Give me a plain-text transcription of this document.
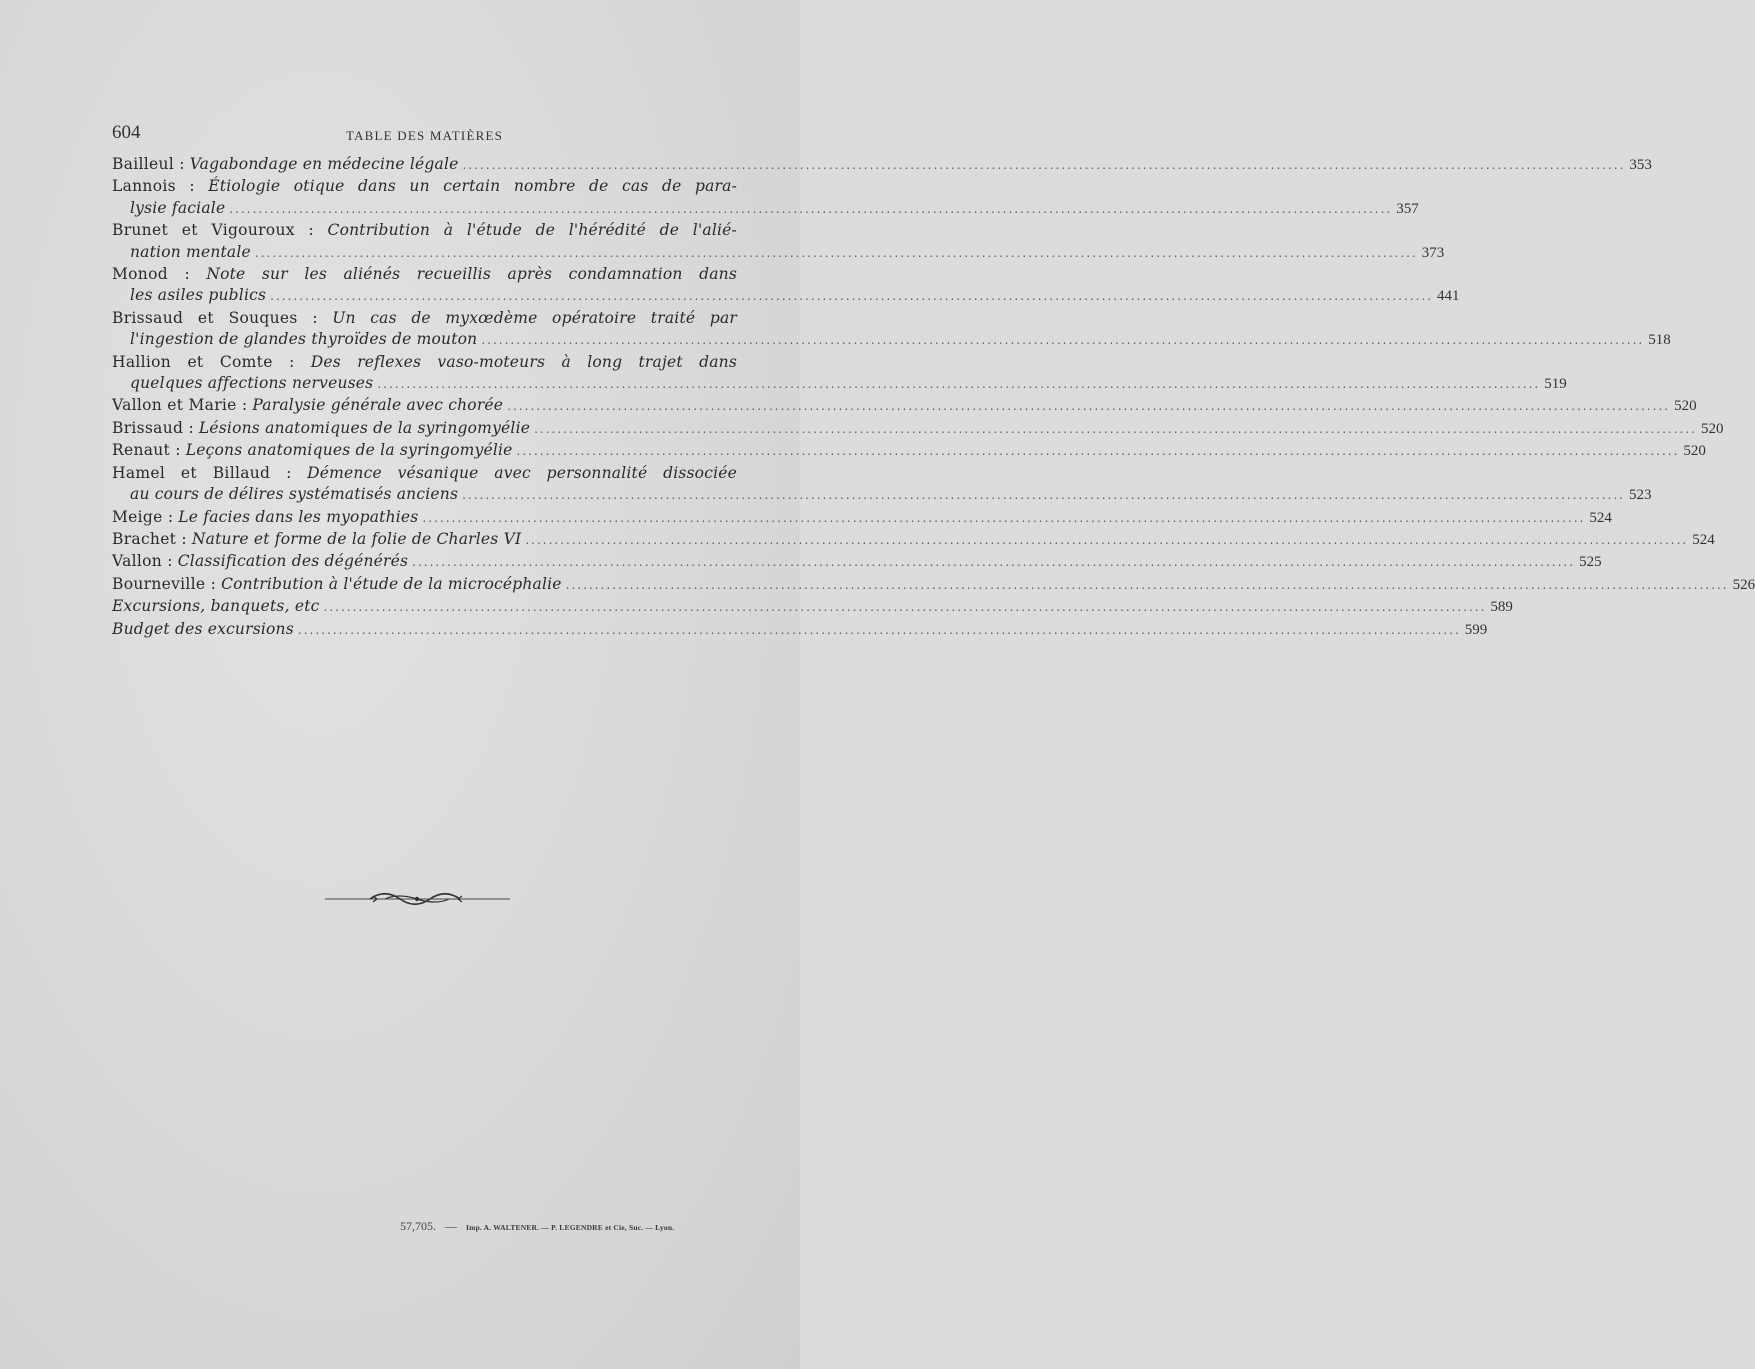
604	TABLE DES MATIÈRES
Bailleul : Vagabondage en médecine légale ........................................................................................................................................................................................................ 353
Lannois : Étiologie otique dans un certain nombre de cas de para-
lysie faciale ........................................................................................................................................................................................................ 357
Brunet et Vigouroux : Contribution à l'étude de l'hérédité de l'alié-
nation mentale ........................................................................................................................................................................................................ 373
Monod : Note sur les aliénés recueillis après condamnation dans
les asiles publics ........................................................................................................................................................................................................ 441
Brissaud et Souques : Un cas de myxœdème opératoire traité par
l'ingestion de glandes thyroïdes de mouton ........................................................................................................................................................................................................ 518
Hallion et Comte : Des reflexes vaso-moteurs à long trajet dans
quelques affections nerveuses ........................................................................................................................................................................................................ 519
Vallon et Marie : Paralysie générale avec chorée ........................................................................................................................................................................................................ 520
Brissaud : Lésions anatomiques de la syringomyélie ........................................................................................................................................................................................................ 520
Renaut : Leçons anatomiques de la syringomyélie ........................................................................................................................................................................................................ 520
Hamel et Billaud : Démence vésanique avec personnalité dissociée
au cours de délires systématisés anciens ........................................................................................................................................................................................................ 523
Meige : Le facies dans les myopathies ........................................................................................................................................................................................................ 524
Brachet : Nature et forme de la folie de Charles VI ........................................................................................................................................................................................................ 524
Vallon : Classification des dégénérés ........................................................................................................................................................................................................ 525
Bourneville : Contribution à l'étude de la microcéphalie ........................................................................................................................................................................................................ 526
Excursions, banquets, etc ........................................................................................................................................................................................................ 589
Budget des excursions ........................................................................................................................................................................................................ 599
57,705. — Imp. A. WALTENER. — P. LEGENDRE et Cie, Suc. — Lyon.
